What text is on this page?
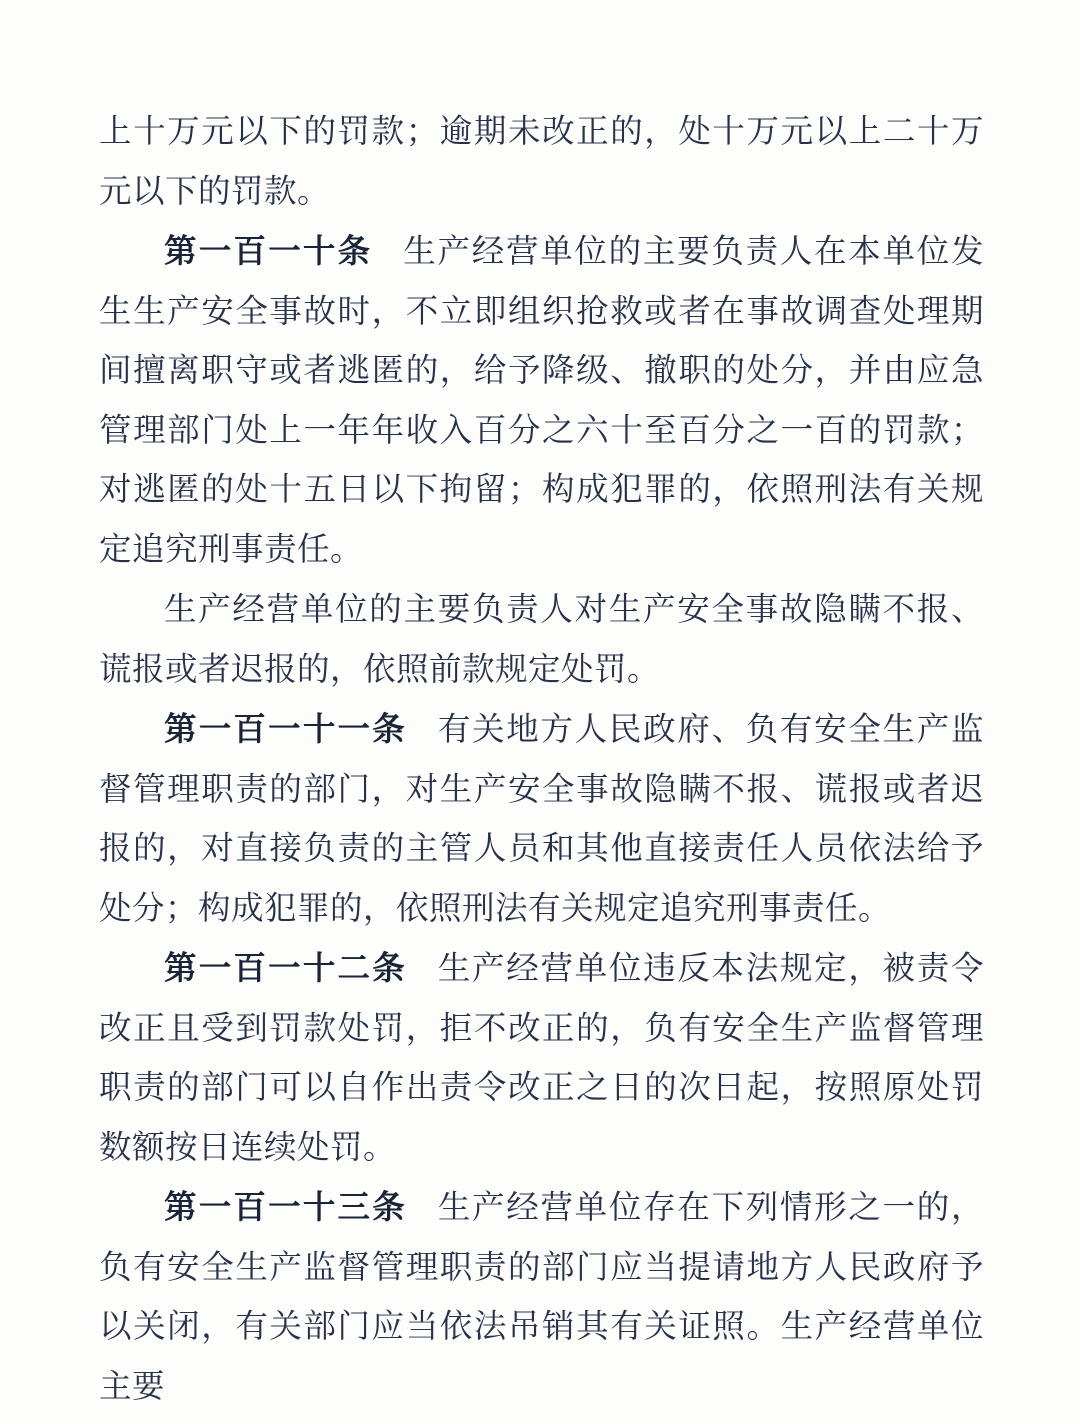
上十万元以下的罚款；逾期未改正的，处十万元以上二十万元以下的罚款。

第一百一十条 生产经营单位的主要负责人在本单位发生生产安全事故时，不立即组织抢救或者在事故调查处理期间擅离职守或者逃匿的，给予降级、撤职的处分，并由应急管理部门处上一年年收入百分之六十至百分之一百的罚款；对逃匿的处十五日以下拘留；构成犯罪的，依照刑法有关规定追究刑事责任。

生产经营单位的主要负责人对生产安全事故隐瞒不报、谎报或者迟报的，依照前款规定处罚。

第一百一十一条 有关地方人民政府、负有安全生产监督管理职责的部门，对生产安全事故隐瞒不报、谎报或者迟报的，对直接负责的主管人员和其他直接责任人员依法给予处分；构成犯罪的，依照刑法有关规定追究刑事责任。

第一百一十二条 生产经营单位违反本法规定，被责令改正且受到罚款处罚，拒不改正的，负有安全生产监督管理职责的部门可以自作出责令改正之日的次日起，按照原处罚数额按日连续处罚。

第一百一十三条 生产经营单位存在下列情形之一的，负有安全生产监督管理职责的部门应当提请地方人民政府予以关闭，有关部门应当依法吊销其有关证照。生产经营单位主要
